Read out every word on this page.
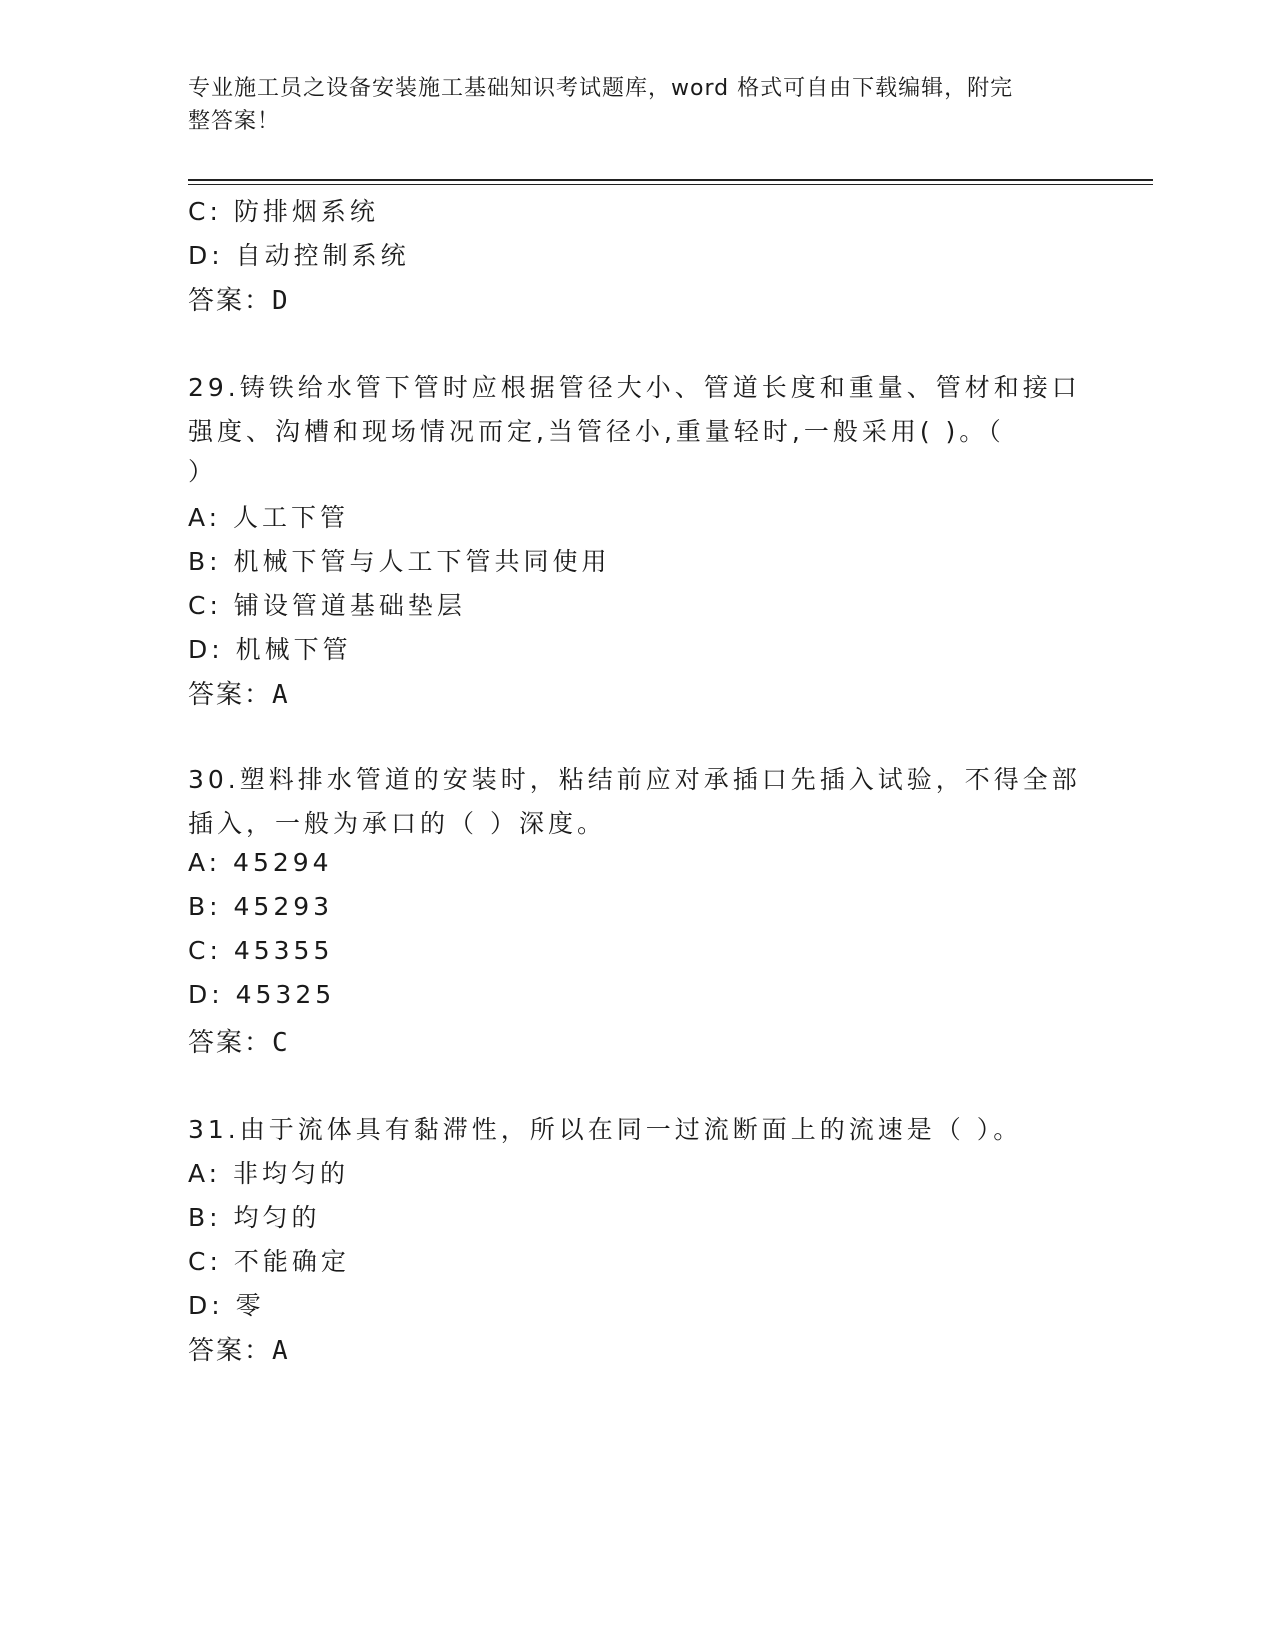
专业施工员之设备安装施工基础知识考试题库，word 格式可自由下载编辑，附完
整答案！
C: 防排烟系统
D: 自动控制系统
答案：D
29.铸铁给水管下管时应根据管径大小、管道长度和重量、管材和接口
强度、沟槽和现场情况而定,当管径小,重量轻时,一般采用( )。（
）
A: 人工下管
B: 机械下管与人工下管共同使用
C: 铺设管道基础垫层
D: 机械下管
答案：A
30.塑料排水管道的安装时，粘结前应对承插口先插入试验，不得全部
插入，一般为承口的（ ）深度。
A: 45294
B: 45293
C: 45355
D: 45325
答案：C
31.由于流体具有黏滞性，所以在同一过流断面上的流速是（ ）。
A: 非均匀的
B: 均匀的
C: 不能确定
D: 零
答案：A
